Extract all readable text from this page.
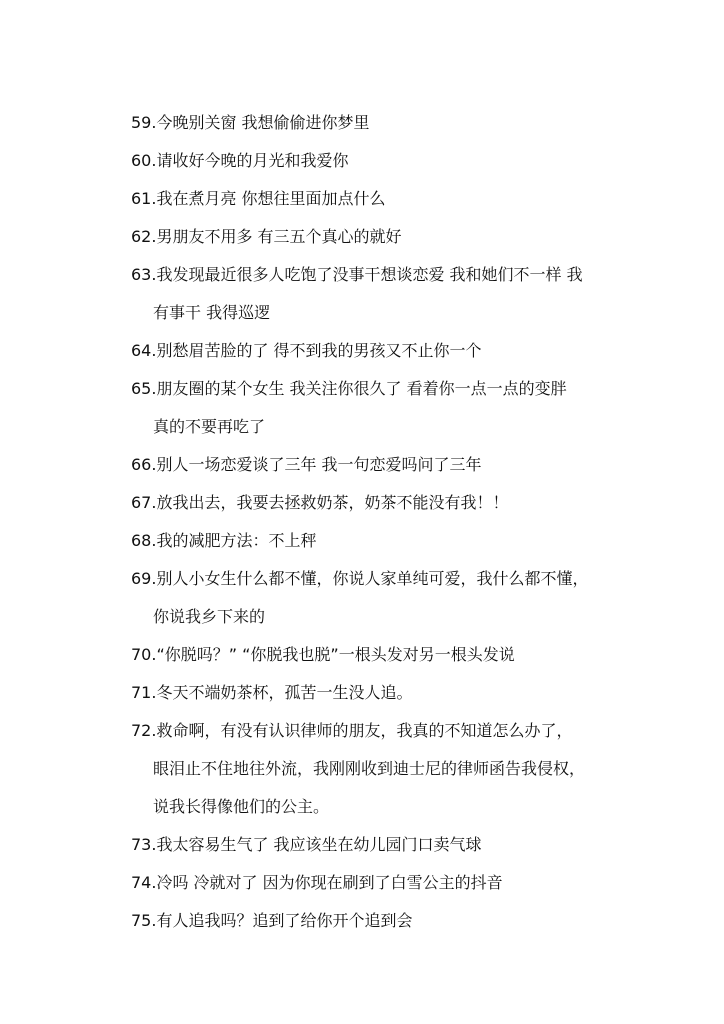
59.今晚别关窗 我想偷偷进你梦里
60.请收好今晚的月光和我爱你
61.我在煮月亮 你想往里面加点什么
62.男朋友不用多 有三五个真心的就好
63.我发现最近很多人吃饱了没事干想谈恋爱 我和她们不一样 我
有事干 我得巡逻
64.别愁眉苦脸的了 得不到我的男孩又不止你一个
65.朋友圈的某个女生 我关注你很久了 看着你一点一点的变胖
真的不要再吃了
66.别人一场恋爱谈了三年 我一句恋爱吗问了三年
67.放我出去，我要去拯救奶茶，奶茶不能没有我！！
68.我的减肥方法：不上秤
69.别人小女生什么都不懂，你说人家单纯可爱，我什么都不懂，
你说我乡下来的
70.“你脱吗？” “你脱我也脱”一根头发对另一根头发说
71.冬天不端奶茶杯，孤苦一生没人追。
72.救命啊，有没有认识律师的朋友，我真的不知道怎么办了，
眼泪止不住地往外流，我刚刚收到迪士尼的律师函告我侵权，
说我长得像他们的公主。
73.我太容易生气了 我应该坐在幼儿园门口卖气球
74.冷吗 冷就对了 因为你现在刷到了白雪公主的抖音
75.有人追我吗？追到了给你开个追到会
